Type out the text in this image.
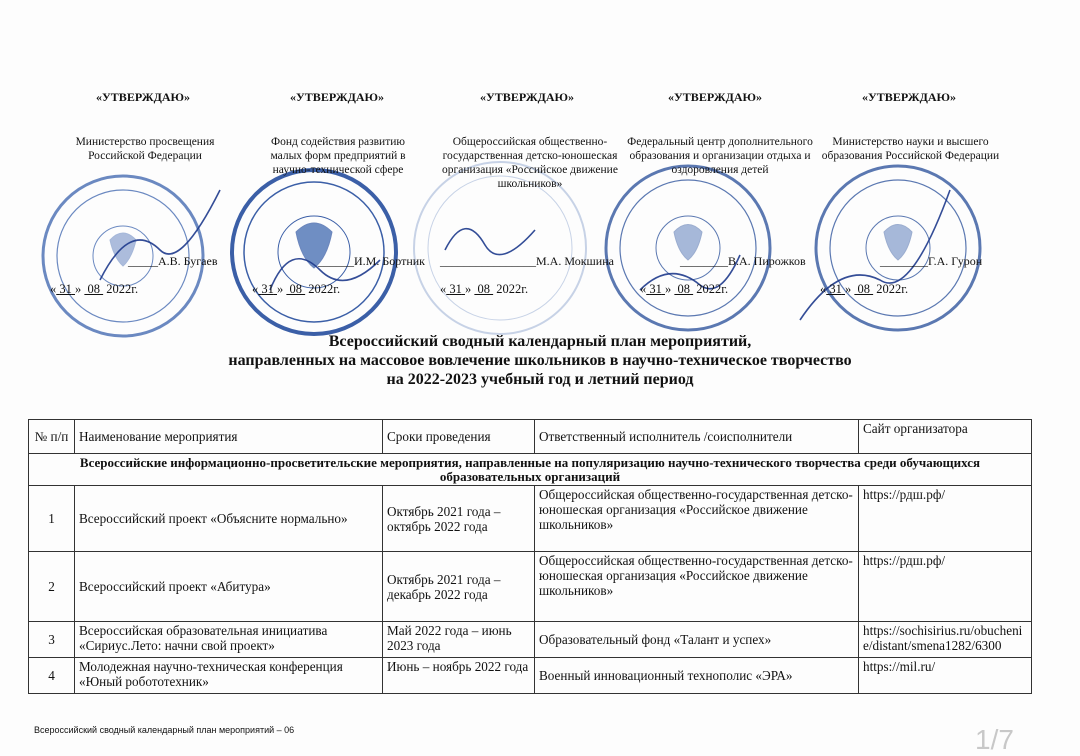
«УТВЕРЖДАЮ»	«УТВЕРЖДАЮ»	«УТВЕРЖДАЮ»	«УТВЕРЖДАЮ»	«УТВЕРЖДАЮ»
Министерство просвещения Российской Федерации
Фонд содействия развитию малых форм предприятий в научно-технической сфере
Общероссийская общественно-государственная детско-юношеская организация «Российское движение школьников»
Федеральный центр дополнительного образования и организации отдыха и оздоровления детей
Министерство науки и высшего образования Российской Федерации
_____А.В. Бугаев	______И.М. Бортник ________________М.А. Мокшина	________В.А. Пирожков	________Г.А. Гурон
« 31 »  08 2022г.	« 31 »  08 2022г.	« 31 »  08 2022г.	« 31 »  08 2022г.	« 31 »  08 2022г.
Всероссийский сводный календарный план мероприятий,
направленных на массовое вовлечение школьников в научно-техническое творчество
на 2022-2023 учебный год и летний период
№ п/п	Наименование мероприятия	Сроки проведения	Ответственный исполнитель /соисполнители	Сайт организатора
Всероссийские информационно-просветительские мероприятия, направленные на популяризацию научно-технического творчества среди обучающихся образовательных организаций				
1	Всероссийский проект «Объясните нормально»	Октябрь 2021 года – октябрь 2022 года	Общероссийская общественно-государственная детско-юношеская организация «Российское движение школьников»	https://рдш.рф/
2	Всероссийский проект «Абитура»	Октябрь 2021 года – декабрь 2022 года	Общероссийская общественно-государственная детско-юношеская организация «Российское движение школьников»	https://рдш.рф/
3	Всероссийская образовательная инициатива «Сириус.Лето: начни свой проект»	Май 2022 года – июнь 2023 года	Образовательный фонд «Талант и успех»	https://sochisirius.ru/obucheni e/distant/smena1282/6300
4	Молодежная научно-техническая конференция «Юный робототехник»	Июнь – ноябрь 2022 года	Военный инновационный технополис «ЭРА»	https://mil.ru/
Всероссийский сводный календарный план мероприятий – 06	1/7
